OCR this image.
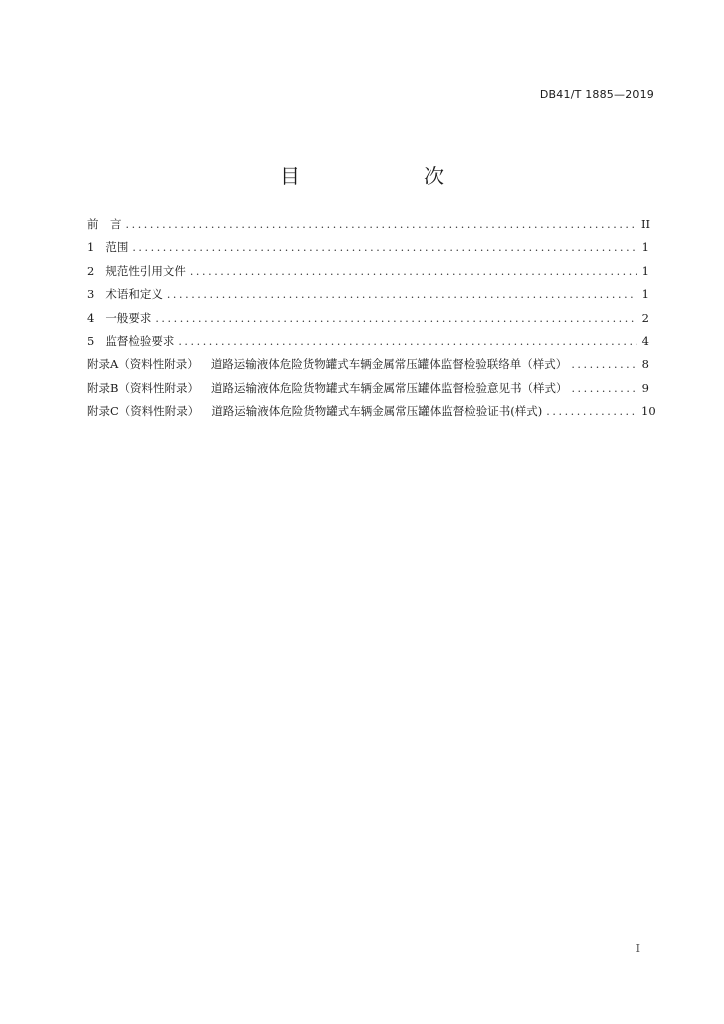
DB41/T 1885—2019
目　　次
前　言 .....	II
1 范围 .....	1
2 规范性引用文件 .....	1
3 术语和定义 .....	1
4 一般要求 .....	2
5 监督检验要求 .....	4
附录A（资料性附录） 道路运输液体危险货物罐式车辆金属常压罐体监督检验联络单（样式） .....	8
附录B（资料性附录） 道路运输液体危险货物罐式车辆金属常压罐体监督检验意见书（样式） .....	9
附录C（资料性附录） 道路运输液体危险货物罐式车辆金属常压罐体监督检验证书(样式) .....	10
I
